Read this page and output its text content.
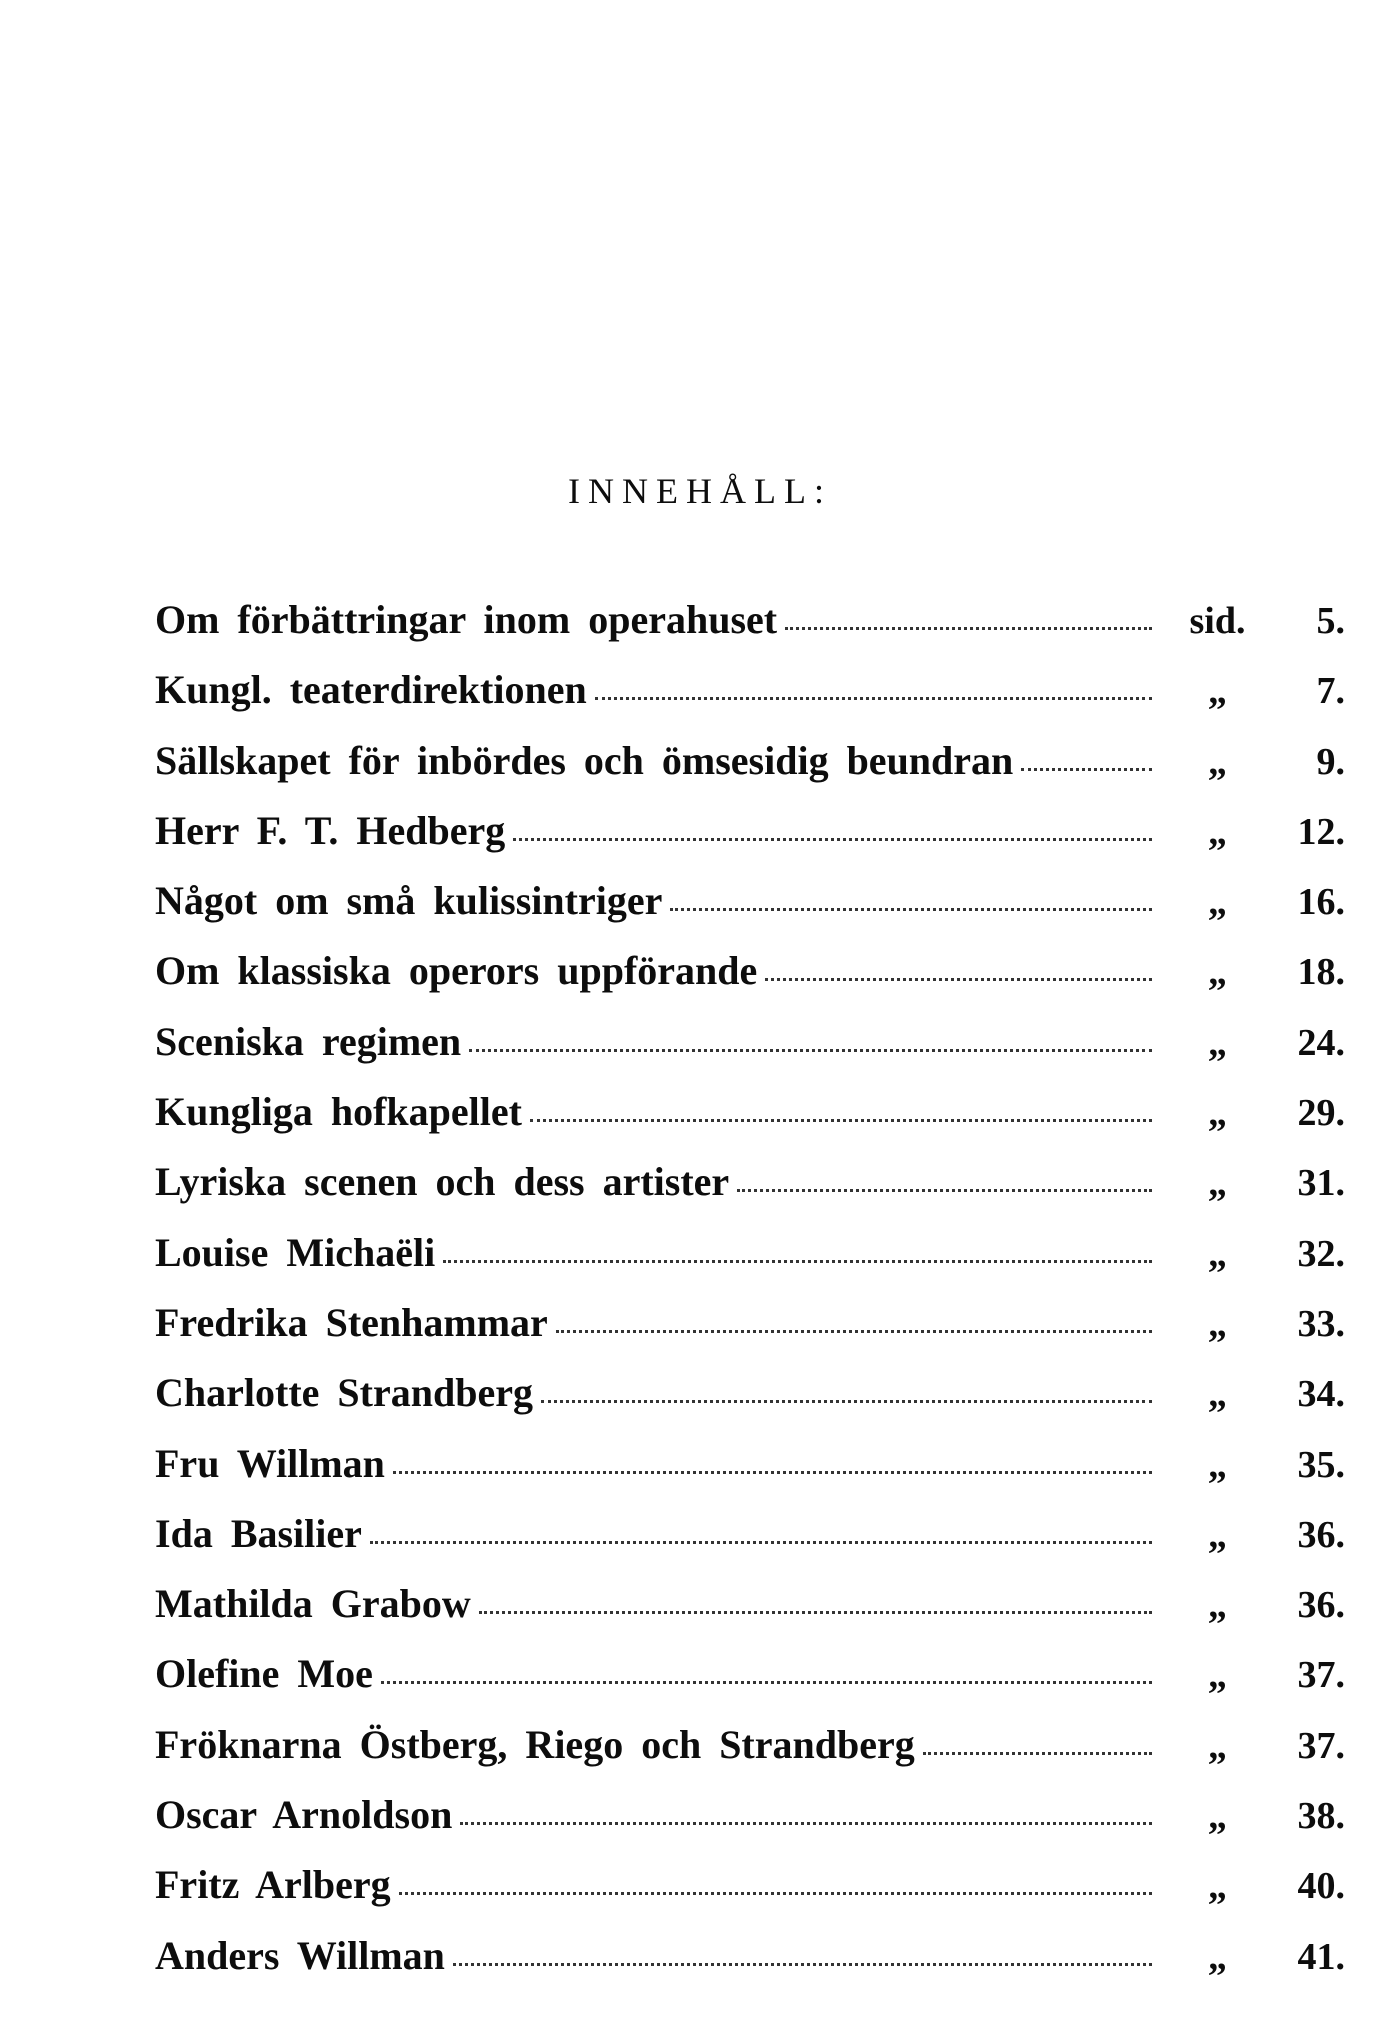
INNEHÅLL:
Om förbättringar inom operahuset	sid.	5.
Kungl. teaterdirektionen	„	7.
Sällskapet för inbördes och ömsesidig beundran	„	9.
Herr F. T. Hedberg	„	12.
Något om små kulissintriger	„	16.
Om klassiska operors uppförande	„	18.
Sceniska regimen	„	24.
Kungliga hofkapellet	„	29.
Lyriska scenen och dess artister	„	31.
Louise Michaëli	„	32.
Fredrika Stenhammar	„	33.
Charlotte Strandberg	„	34.
Fru Willman	„	35.
Ida Basilier	„	36.
Mathilda Grabow	„	36.
Olefine Moe	„	37.
Fröknarna Östberg, Riego och Strandberg	„	37.
Oscar Arnoldson	„	38.
Fritz Arlberg	„	40.
Anders Willman	„	41.
